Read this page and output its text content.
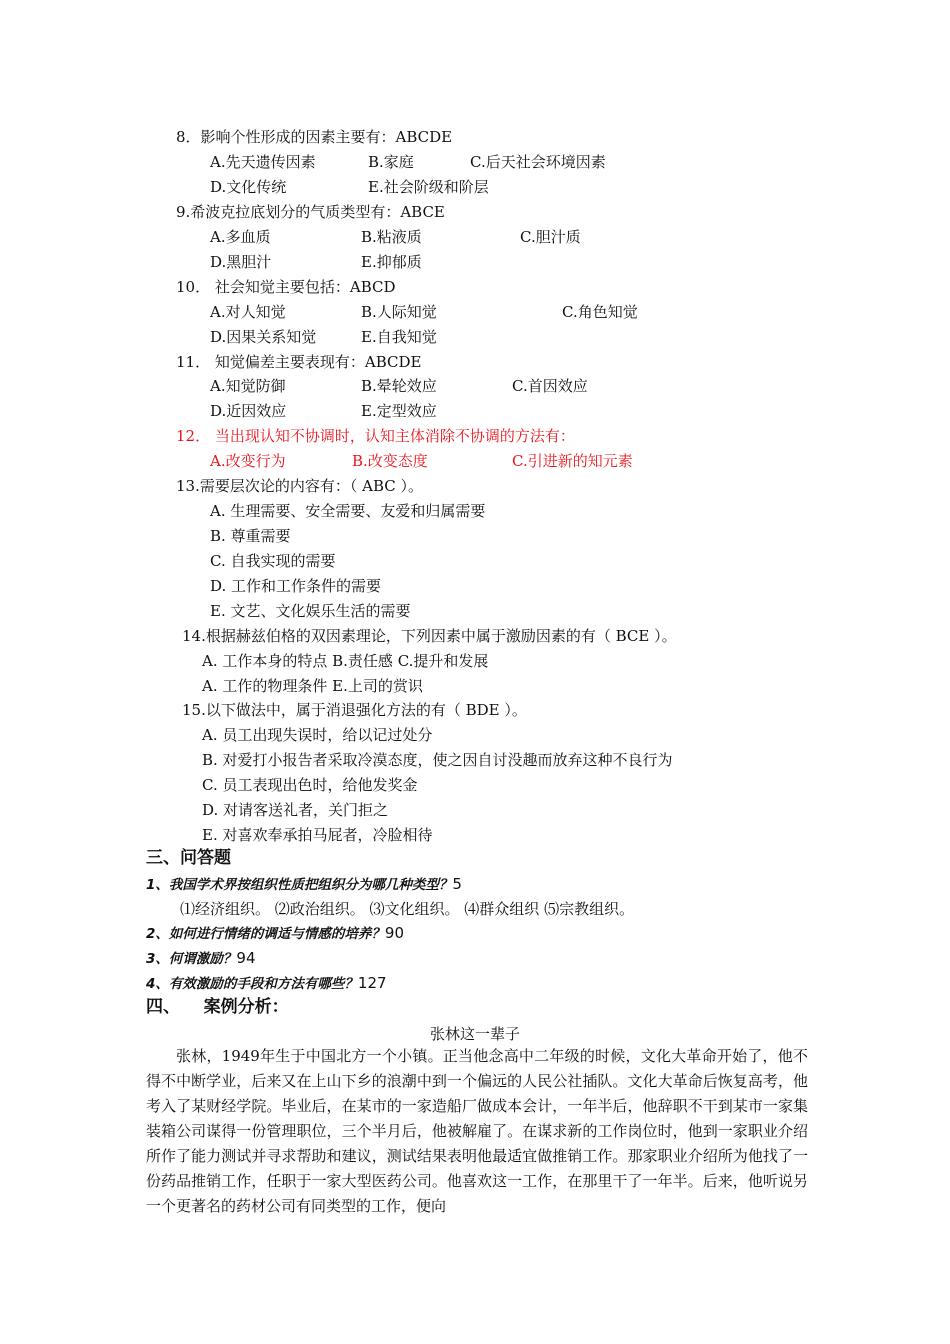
8．影响个性形成的因素主要有：ABCDE
A.先天遗传因素	B.家庭	C.后天社会环境因素
D.文化传统	E.社会阶级和阶层
9.希波克拉底划分的气质类型有：ABCE
A.多血质	B.粘液质	C.胆汁质
D.黑胆汁	E.抑郁质
10． 社会知觉主要包括：ABCD
A.对人知觉	B.人际知觉	C.角色知觉
D.因果关系知觉	E.自我知觉
11． 知觉偏差主要表现有：ABCDE
A.知觉防御	B.晕轮效应	C.首因效应
D.近因效应	E.定型效应
12． 当出现认知不协调时，认知主体消除不协调的方法有：
A.改变行为	B.改变态度	C.引进新的知元素
13.需要层次论的内容有：（ ABC ）。
A. 生理需要、安全需要、友爱和归属需要
B. 尊重需要
C. 自我实现的需要
D. 工作和工作条件的需要
E. 文艺、文化娱乐生活的需要
14.根据赫兹伯格的双因素理论，下列因素中属于激励因素的有（ BCE ）。
A. 工作本身的特点 B.责任感 C.提升和发展
A. 工作的物理条件 E.上司的赏识
15.以下做法中，属于消退强化方法的有（ BDE ）。
A. 员工出现失误时，给以记过处分
B. 对爱打小报告者采取冷漠态度，使之因自讨没趣而放弃这种不良行为
C. 员工表现出色时，给他发奖金
D. 对请客送礼者，关门拒之
E. 对喜欢奉承拍马屁者，冷脸相待
三、问答题
1、我国学术界按组织性质把组织分为哪几种类型？5
⑴经济组织。 ⑵政治组织。 ⑶文化组织。 ⑷群众组织 ⑸宗教组织。
2、如何进行情绪的调适与情感的培养？90
3、何谓激励？94
4、有效激励的手段和方法有哪些？127
四、    案例分析：
张林这一辈子

张林，1949年生于中国北方一个小镇。正当他念高中二年级的时候，文化大革命开始了，他不得不中断学业，后来又在上山下乡的浪潮中到一个偏远的人民公社插队。文化大革命后恢复高考，他考入了某财经学院。毕业后，在某市的一家造船厂做成本会计，一年半后，他辞职不干到某市一家集装箱公司谋得一份管理职位，三个半月后，他被解雇了。在谋求新的工作岗位时，他到一家职业介绍所作了能力测试并寻求帮助和建议，测试结果表明他最适宜做推销工作。那家职业介绍所为他找了一份药品推销工作，任职于一家大型医药公司。他喜欢这一工作，在那里干了一年半。后来，他听说另一个更著名的药材公司有同类型的工作，便向
